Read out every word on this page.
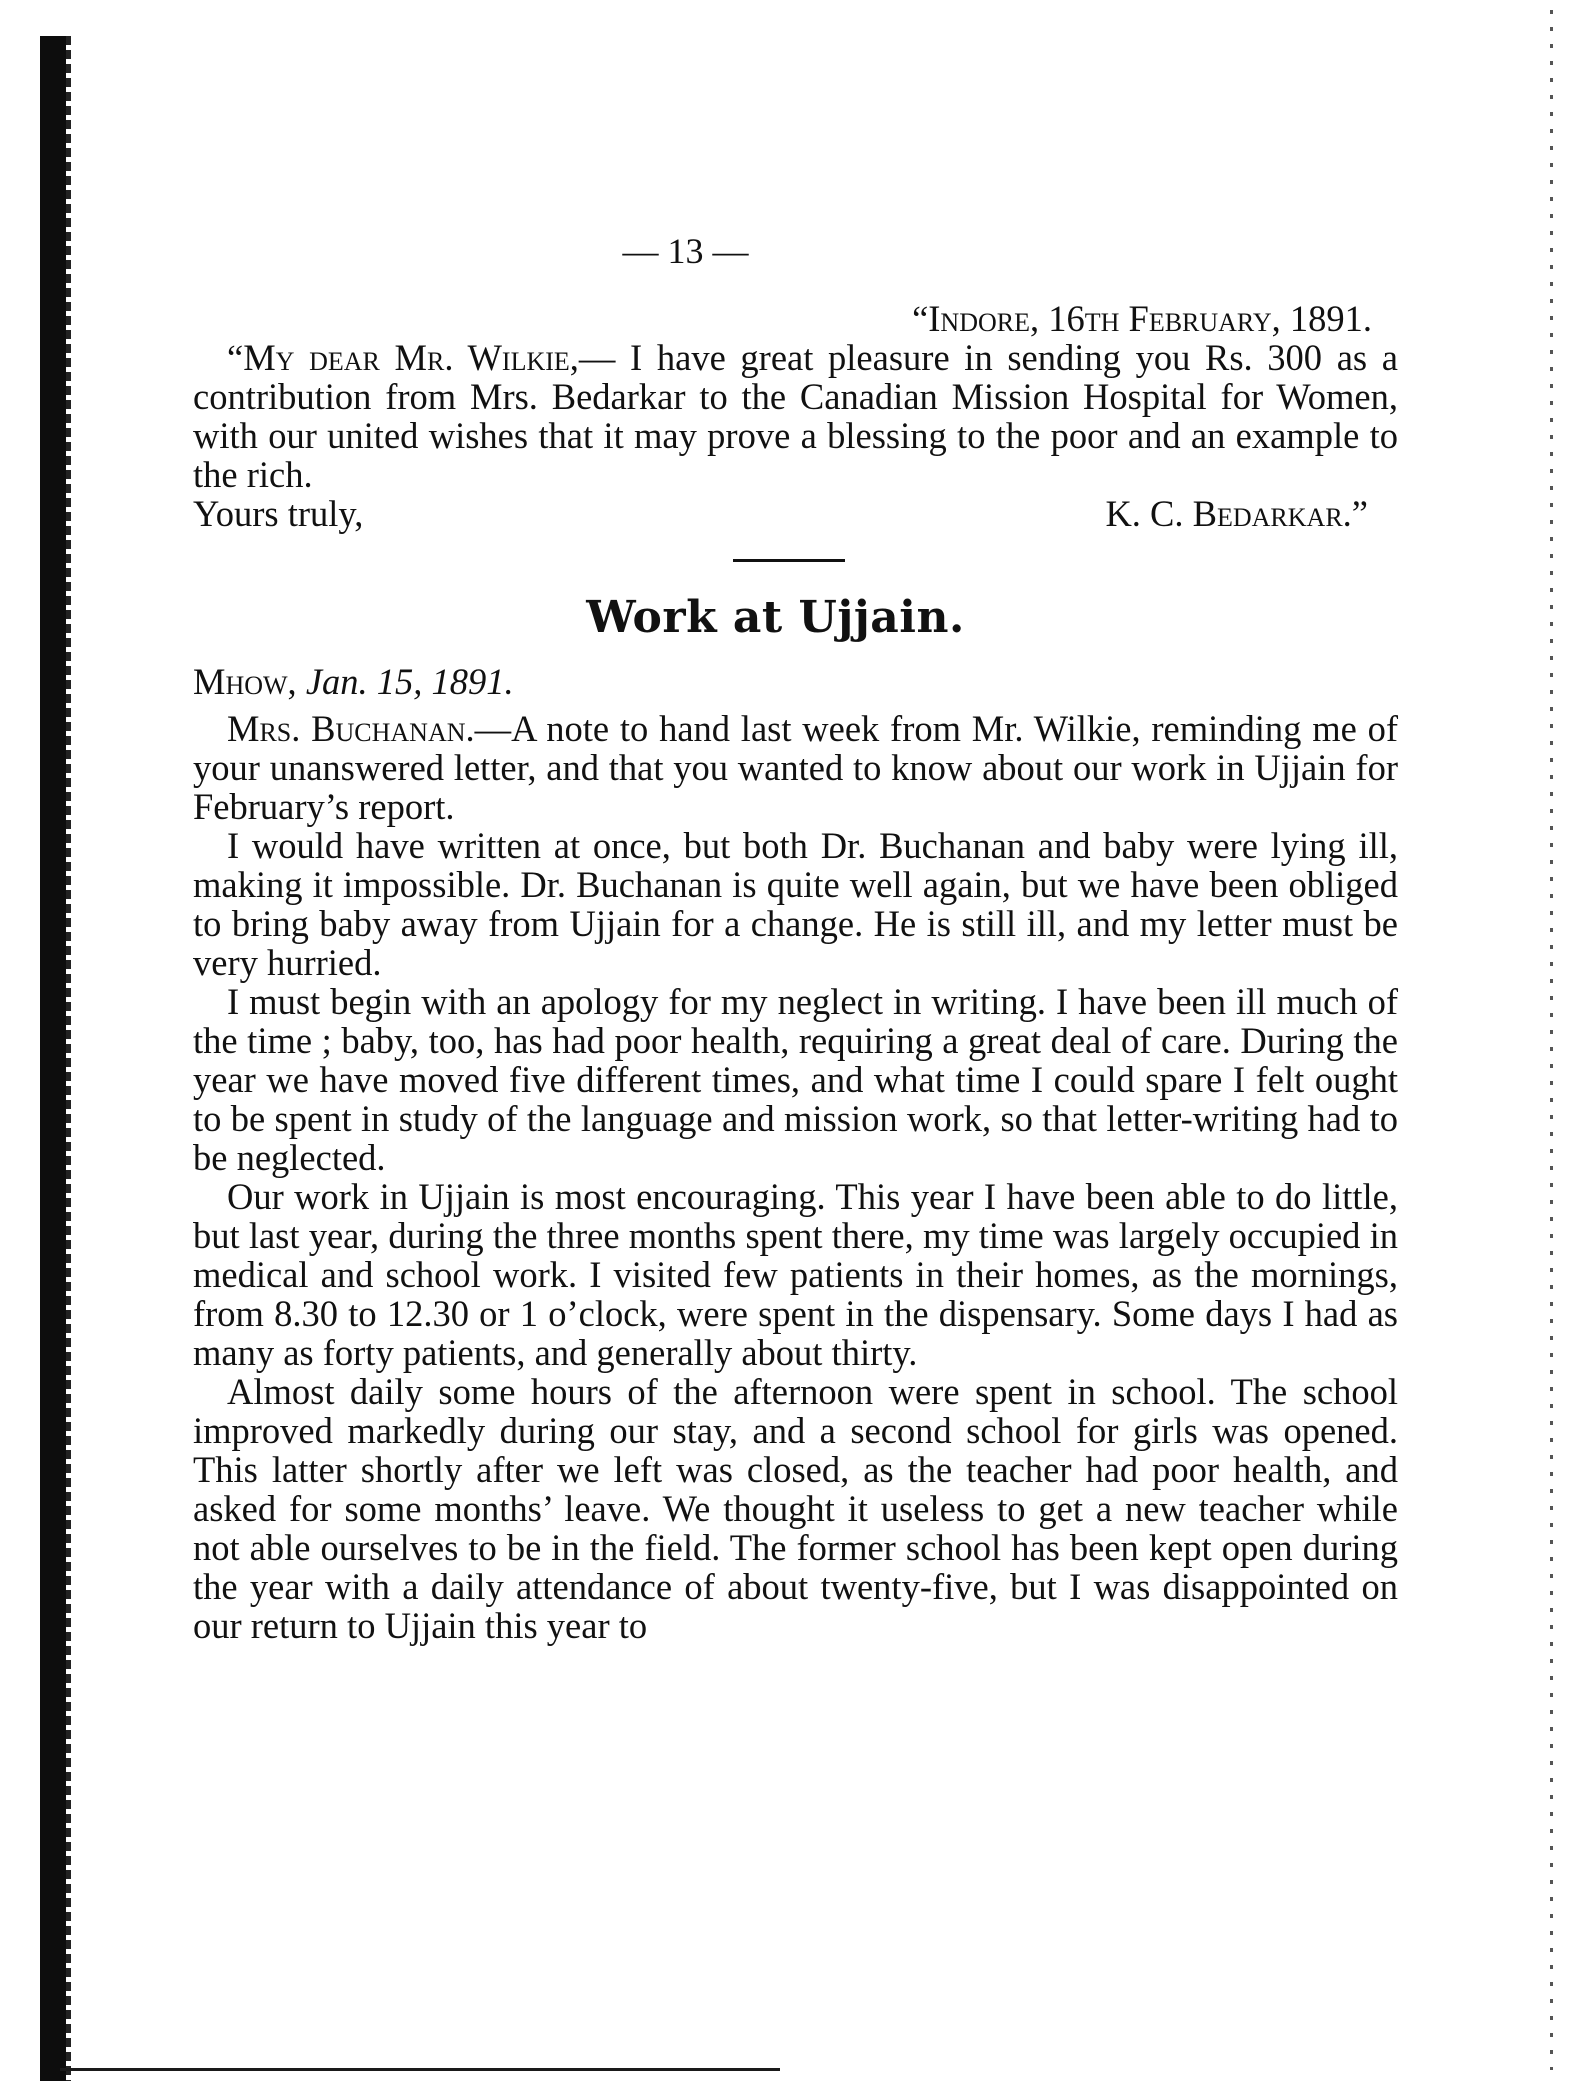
— 13 —

“Indore, 16th February, 1891.

“My dear Mr. Wilkie,— I have great pleasure in sending you Rs. 300 as a contribution from Mrs. Bedarkar to the Canadian Mission Hospital for Women, with our united wishes that it may prove a blessing to the poor and an example to the rich.

Yours truly,	K. C. Bedarkar.”
Work at Ujjain.

Mhow, Jan. 15, 1891.

Mrs. Buchanan.—A note to hand last week from Mr. Wilkie, reminding me of your unanswered letter, and that you wanted to know about our work in Ujjain for February’s report.

I would have written at once, but both Dr. Buchanan and baby were lying ill, making it impossible. Dr. Buchanan is quite well again, but we have been obliged to bring baby away from Ujjain for a change. He is still ill, and my letter must be very hurried.

I must begin with an apology for my neglect in writing. I have been ill much of the time ; baby, too, has had poor health, requiring a great deal of care. During the year we have moved five different times, and what time I could spare I felt ought to be spent in study of the language and mission work, so that letter-writing had to be neglected.

Our work in Ujjain is most encouraging. This year I have been able to do little, but last year, during the three months spent there, my time was largely occupied in medical and school work. I visited few patients in their homes, as the mornings, from 8.30 to 12.30 or 1 o’clock, were spent in the dispensary. Some days I had as many as forty patients, and generally about thirty.

Almost daily some hours of the afternoon were spent in school. The school improved markedly during our stay, and a second school for girls was opened. This latter shortly after we left was closed, as the teacher had poor health, and asked for some months’ leave. We thought it useless to get a new teacher while not able ourselves to be in the field. The former school has been kept open during the year with a daily attendance of about twenty-five, but I was disappointed on our return to Ujjain this year to
